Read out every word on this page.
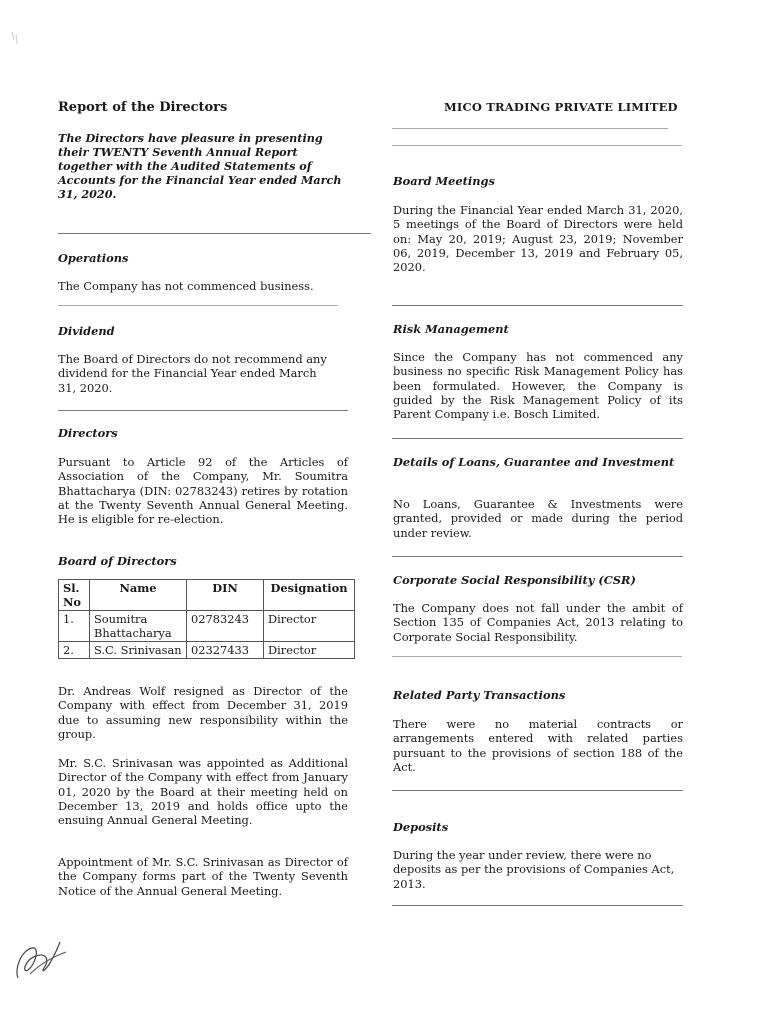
Report of the Directors	MICO TRADING PRIVATE LIMITED
The Directors have pleasure in presenting their TWENTY Seventh Annual Report together with the Audited Statements of Accounts for the Financial Year ended March 31, 2020.
Operations
The Company has not commenced business.
Dividend
The Board of Directors do not recommend any dividend for the Financial Year ended March 31, 2020.
Directors
Pursuant to Article 92 of the Articles of Association of the Company, Mr. Soumitra Bhattacharya (DIN: 02783243) retires by rotation at the Twenty Seventh Annual General Meeting. He is eligible for re-election.
Board of Directors
Sl. No	Name	DIN	Designation
1.	Soumitra Bhattacharya	02783243	Director
2.	S.C. Srinivasan	02327433	Director
Dr. Andreas Wolf resigned as Director of the Company with effect from December 31, 2019 due to assuming new responsibility within the group.
Mr. S.C. Srinivasan was appointed as Additional Director of the Company with effect from January 01, 2020 by the Board at their meeting held on December 13, 2019 and holds office upto the ensuing Annual General Meeting.
Appointment of Mr. S.C. Srinivasan as Director of the Company forms part of the Twenty Seventh Notice of the Annual General Meeting.
Board Meetings
During the Financial Year ended March 31, 2020, 5 meetings of the Board of Directors were held on: May 20, 2019; August 23, 2019; November 06, 2019, December 13, 2019 and February 05, 2020.
Risk Management
Since the Company has not commenced any business no specific Risk Management Policy has been formulated. However, the Company is guided by the Risk Management Policy of its Parent Company i.e. Bosch Limited.
Details of Loans, Guarantee and Investment
No Loans, Guarantee & Investments were granted, provided or made during the period under review.
Corporate Social Responsibility (CSR)
The Company does not fall under the ambit of Section 135 of Companies Act, 2013 relating to Corporate Social Responsibility.
Related Party Transactions
There were no material contracts or arrangements entered with related parties pursuant to the provisions of section 188 of the Act.
Deposits
During the year under review, there were no deposits as per the provisions of Companies Act, 2013.
